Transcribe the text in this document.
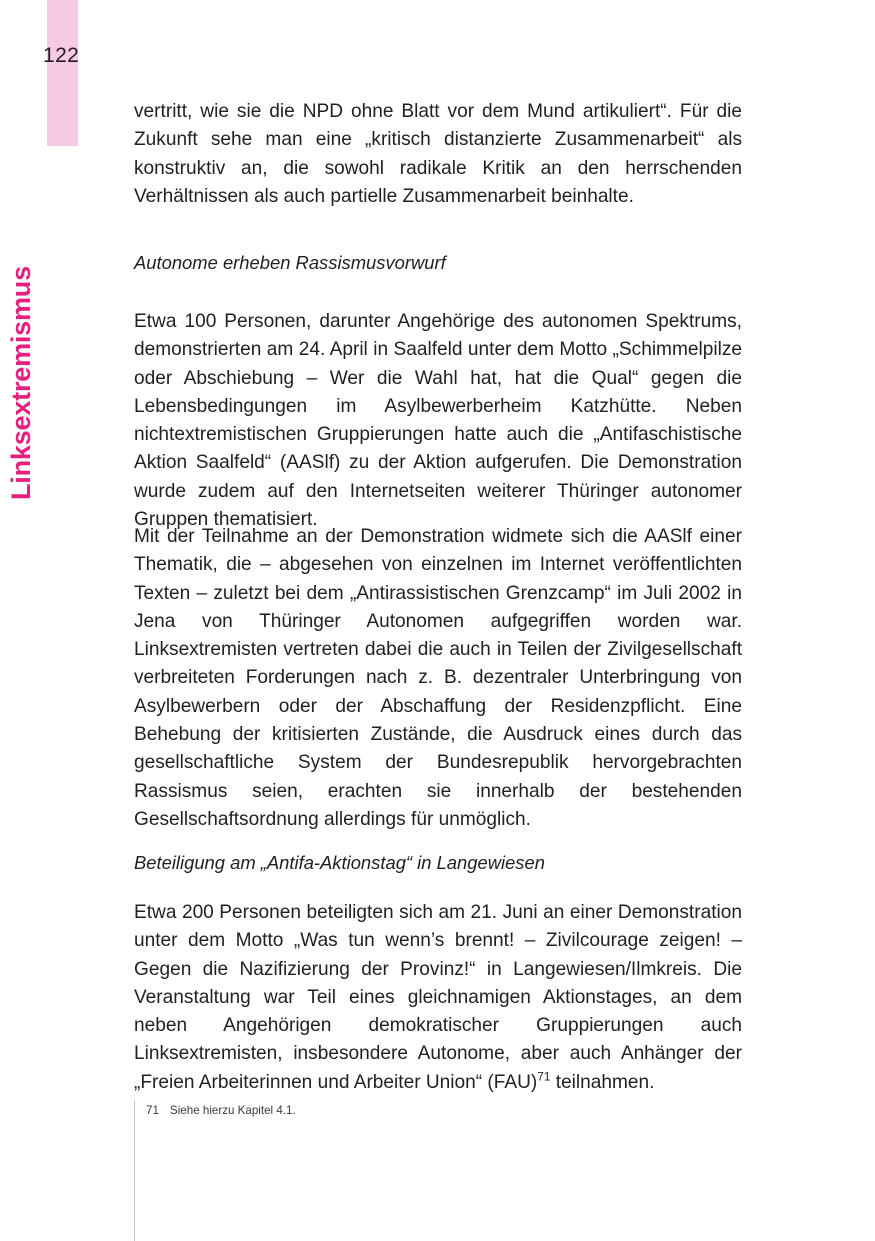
122
Linksextremismus

vertritt, wie sie die NPD ohne Blatt vor dem Mund artikuliert“. Für die Zukunft sehe man eine „kritisch distanzierte Zusammenarbeit“ als konstruktiv an, die sowohl radikale Kritik an den herrschenden Verhältnissen als auch partielle Zusammenarbeit beinhalte.

Autonome erheben Rassismusvorwurf

Etwa 100 Personen, darunter Angehörige des autonomen Spektrums, demonstrierten am 24. April in Saalfeld unter dem Motto „Schimmelpilze oder Abschiebung – Wer die Wahl hat, hat die Qual“ gegen die Lebensbedingungen im Asylbewerberheim Katzhütte. Neben nichtextremistischen Gruppierungen hatte auch die „Antifaschistische Aktion Saalfeld“ (AASlf) zu der Aktion aufgerufen. Die Demonstration wurde zudem auf den Internetseiten weiterer Thüringer autonomer Gruppen thematisiert.

Mit der Teilnahme an der Demonstration widmete sich die AASlf einer Thematik, die – abgesehen von einzelnen im Internet veröffentlichten Texten – zuletzt bei dem „Antirassistischen Grenzcamp“ im Juli 2002 in Jena von Thüringer Autonomen aufgegriffen worden war. Linksextremisten vertreten dabei die auch in Teilen der Zivilgesellschaft verbreiteten Forderungen nach z. B. dezentraler Unterbringung von Asylbewerbern oder der Abschaffung der Residenzpflicht. Eine Behebung der kritisierten Zustände, die Ausdruck eines durch das gesellschaftliche System der Bundesrepublik hervorgebrachten Rassismus seien, erachten sie innerhalb der bestehenden Gesellschaftsordnung allerdings für unmöglich.

Beteiligung am „Antifa-Aktionstag“ in Langewiesen

Etwa 200 Personen beteiligten sich am 21. Juni an einer Demonstration unter dem Motto „Was tun wenn’s brennt! – Zivilcourage zeigen! – Gegen die Nazifizierung der Provinz!“ in Langewiesen/Ilmkreis. Die Veranstaltung war Teil eines gleichnamigen Aktionstages, an dem neben Angehörigen demokratischer Gruppierungen auch Linksextremisten, insbesondere Autonome, aber auch Anhänger der „Freien Arbeiterinnen und Arbeiter Union“ (FAU)$^{71}$ teilnahmen.

71 Siehe hierzu Kapitel 4.1.
